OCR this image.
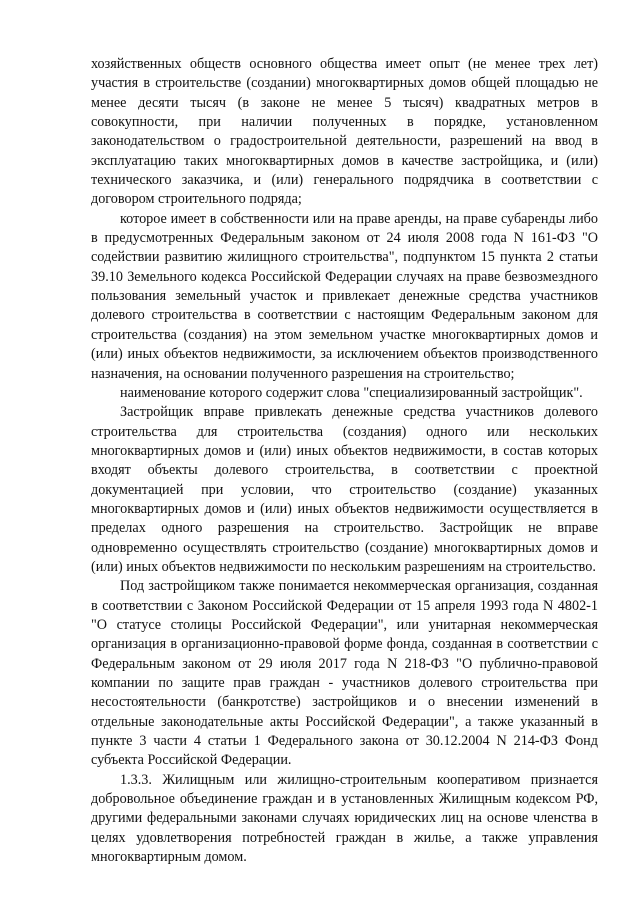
хозяйственных обществ основного общества имеет опыт (не менее трех лет) участия в строительстве (создании) многоквартирных домов общей площадью не менее десяти тысяч (в законе не менее 5 тысяч) квадратных метров в совокупности, при наличии полученных в порядке, установленном законодательством о градостроительной деятельности, разрешений на ввод в эксплуатацию таких многоквартирных домов в качестве застройщика, и (или) технического заказчика, и (или) генерального подрядчика в соответствии с договором строительного подряда;

которое имеет в собственности или на праве аренды, на праве субаренды либо в предусмотренных Федеральным законом от 24 июля 2008 года N 161-ФЗ "О содействии развитию жилищного строительства", подпунктом 15 пункта 2 статьи 39.10 Земельного кодекса Российской Федерации случаях на праве безвозмездного пользования земельный участок и привлекает денежные средства участников долевого строительства в соответствии с настоящим Федеральным законом для строительства (создания) на этом земельном участке многоквартирных домов и (или) иных объектов недвижимости, за исключением объектов производственного назначения, на основании полученного разрешения на строительство;

наименование которого содержит слова "специализированный застройщик".

Застройщик вправе привлекать денежные средства участников долевого строительства для строительства (создания) одного или нескольких многоквартирных домов и (или) иных объектов недвижимости, в состав которых входят объекты долевого строительства, в соответствии с проектной документацией при условии, что строительство (создание) указанных многоквартирных домов и (или) иных объектов недвижимости осуществляется в пределах одного разрешения на строительство. Застройщик не вправе одновременно осуществлять строительство (создание) многоквартирных домов и (или) иных объектов недвижимости по нескольким разрешениям на строительство.

Под застройщиком также понимается некоммерческая организация, созданная в соответствии с Законом Российской Федерации от 15 апреля 1993 года N 4802-1 "О статусе столицы Российской Федерации", или унитарная некоммерческая организация в организационно-правовой форме фонда, созданная в соответствии с Федеральным законом от 29 июля 2017 года N 218-ФЗ "О публично-правовой компании по защите прав граждан - участников долевого строительства при несостоятельности (банкротстве) застройщиков и о внесении изменений в отдельные законодательные акты Российской Федерации", а также указанный в пункте 3 части 4 статьи 1 Федерального закона от 30.12.2004 N 214-ФЗ Фонд субъекта Российской Федерации.

1.3.3. Жилищным или жилищно-строительным кооперативом признается добровольное объединение граждан и в установленных Жилищным кодексом РФ, другими федеральными законами случаях юридических лиц на основе членства в целях удовлетворения потребностей граждан в жилье, а также управления многоквартирным домом.
